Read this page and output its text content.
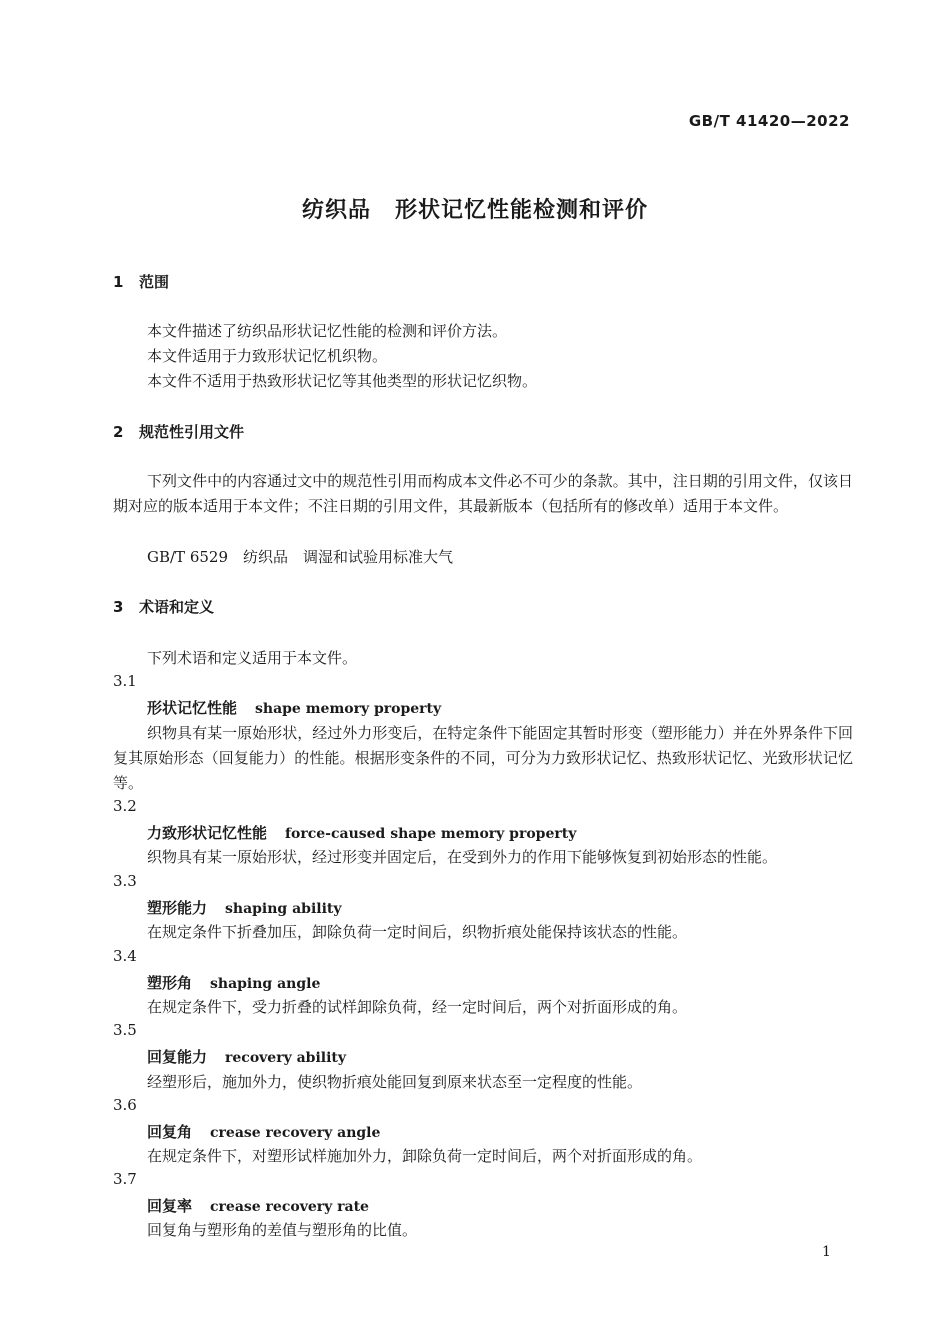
GB/T 41420—2022
纺织品 形状记忆性能检测和评价
1 范围
本文件描述了纺织品形状记忆性能的检测和评价方法。
本文件适用于力致形状记忆机织物。
本文件不适用于热致形状记忆等其他类型的形状记忆织物。
2 规范性引用文件
下列文件中的内容通过文中的规范性引用而构成本文件必不可少的条款。其中，注日期的引用文件，仅该日期对应的版本适用于本文件；不注日期的引用文件，其最新版本（包括所有的修改单）适用于本文件。
GB/T 6529　纺织品　调湿和试验用标准大气
3 术语和定义
下列术语和定义适用于本文件。
3.1
形状记忆性能 shape memory property
织物具有某一原始形状，经过外力形变后，在特定条件下能固定其暂时形变（塑形能力）并在外界条件下回复其原始形态（回复能力）的性能。根据形变条件的不同，可分为力致形状记忆、热致形状记忆、光致形状记忆等。
3.2
力致形状记忆性能 force-caused shape memory property
织物具有某一原始形状，经过形变并固定后，在受到外力的作用下能够恢复到初始形态的性能。
3.3
塑形能力 shaping ability
在规定条件下折叠加压，卸除负荷一定时间后，织物折痕处能保持该状态的性能。
3.4
塑形角 shaping angle
在规定条件下，受力折叠的试样卸除负荷，经一定时间后，两个对折面形成的角。
3.5
回复能力 recovery ability
经塑形后，施加外力，使织物折痕处能回复到原来状态至一定程度的性能。
3.6
回复角 crease recovery angle
在规定条件下，对塑形试样施加外力，卸除负荷一定时间后，两个对折面形成的角。
3.7
回复率 crease recovery rate
回复角与塑形角的差值与塑形角的比值。
1
